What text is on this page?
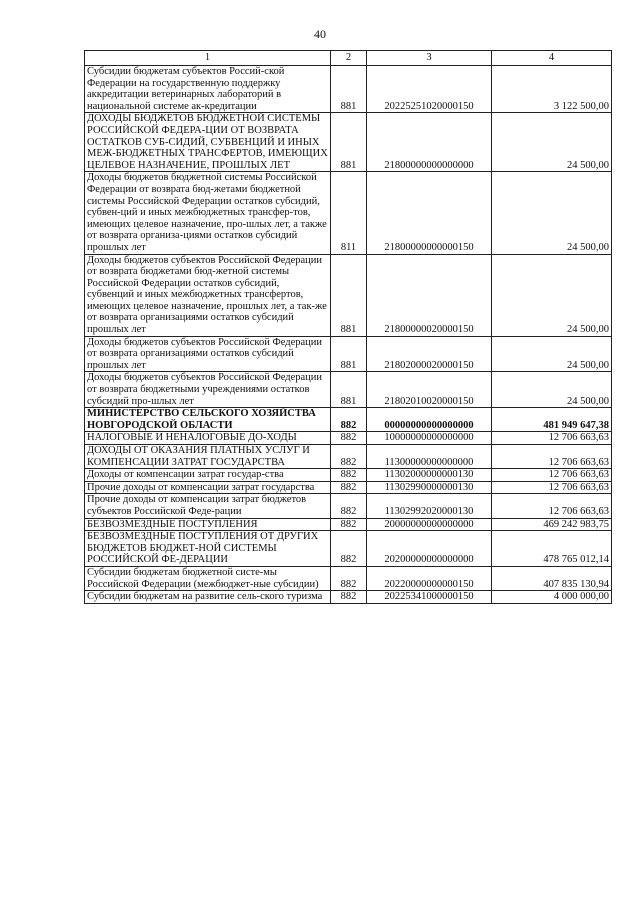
40
1	2	3	4
Субсидии бюджетам субъектов Россий-ской Федерации на государственную поддержку аккредитации ветеринарных лабораторий в национальной системе ак-кредитации	881	20225251020000150	3 122 500,00
ДОХОДЫ БЮДЖЕТОВ БЮДЖЕТНОЙ СИСТЕМЫ РОССИЙСКОЙ ФЕДЕРА-ЦИИ ОТ ВОЗВРАТА ОСТАТКОВ СУБ-СИДИЙ, СУБВЕНЦИЙ И ИНЫХ МЕЖ-БЮДЖЕТНЫХ ТРАНСФЕРТОВ, ИМЕЮЩИХ ЦЕЛЕВОЕ НАЗНАЧЕНИЕ, ПРОШЛЫХ ЛЕТ	881	21800000000000000	24 500,00
Доходы бюджетов бюджетной системы Российской Федерации от возврата бюд-жетами бюджетной системы Российской Федерации остатков субсидий, субвен-ций и иных межбюджетных трансфер-тов, имеющих целевое назначение, про-шлых лет, а также от возврата организа-циями остатков субсидий прошлых лет	811	21800000000000150	24 500,00
Доходы бюджетов субъектов Российской Федерации от возврата бюджетами бюд-жетной системы Российской Федерации остатков субсидий, субвенций и иных межбюджетных трансфертов, имеющих целевое назначение, прошлых лет, а так-же от возврата организациями остатков субсидий прошлых лет	881	21800000020000150	24 500,00
Доходы бюджетов субъектов Российской Федерации от возврата организациями остатков субсидий прошлых лет	881	21802000020000150	24 500,00
Доходы бюджетов субъектов Российской Федерации от возврата бюджетными учреждениями остатков субсидий про-шлых лет	881	21802010020000150	24 500,00
МИНИСТЕРСТВО СЕЛЬСКОГО ХОЗЯЙСТВА НОВГОРОДСКОЙ ОБЛАСТИ	882	00000000000000000	481 949 647,38
НАЛОГОВЫЕ И НЕНАЛОГОВЫЕ ДО-ХОДЫ	882	10000000000000000	12 706 663,63
ДОХОДЫ ОТ ОКАЗАНИЯ ПЛАТНЫХ УСЛУГ И КОМПЕНСАЦИИ ЗАТРАТ ГОСУДАРСТВА	882	11300000000000000	12 706 663,63
Доходы от компенсации затрат государ-ства	882	11302000000000130	12 706 663,63
Прочие доходы от компенсации затрат государства	882	11302990000000130	12 706 663,63
Прочие доходы от компенсации затрат бюджетов субъектов Российской Феде-рации	882	11302992020000130	12 706 663,63
БЕЗВОЗМЕЗДНЫЕ ПОСТУПЛЕНИЯ	882	20000000000000000	469 242 983,75
БЕЗВОЗМЕЗДНЫЕ ПОСТУПЛЕНИЯ ОТ ДРУГИХ БЮДЖЕТОВ БЮДЖЕТ-НОЙ СИСТЕМЫ РОССИЙСКОЙ ФЕ-ДЕРАЦИИ	882	20200000000000000	478 765 012,14
Субсидии бюджетам бюджетной систе-мы Российской Федерации (межбюджет-ные субсидии)	882	20220000000000150	407 835 130,94
Субсидии бюджетам на развитие сель-ского туризма	882	20225341000000150	4 000 000,00
